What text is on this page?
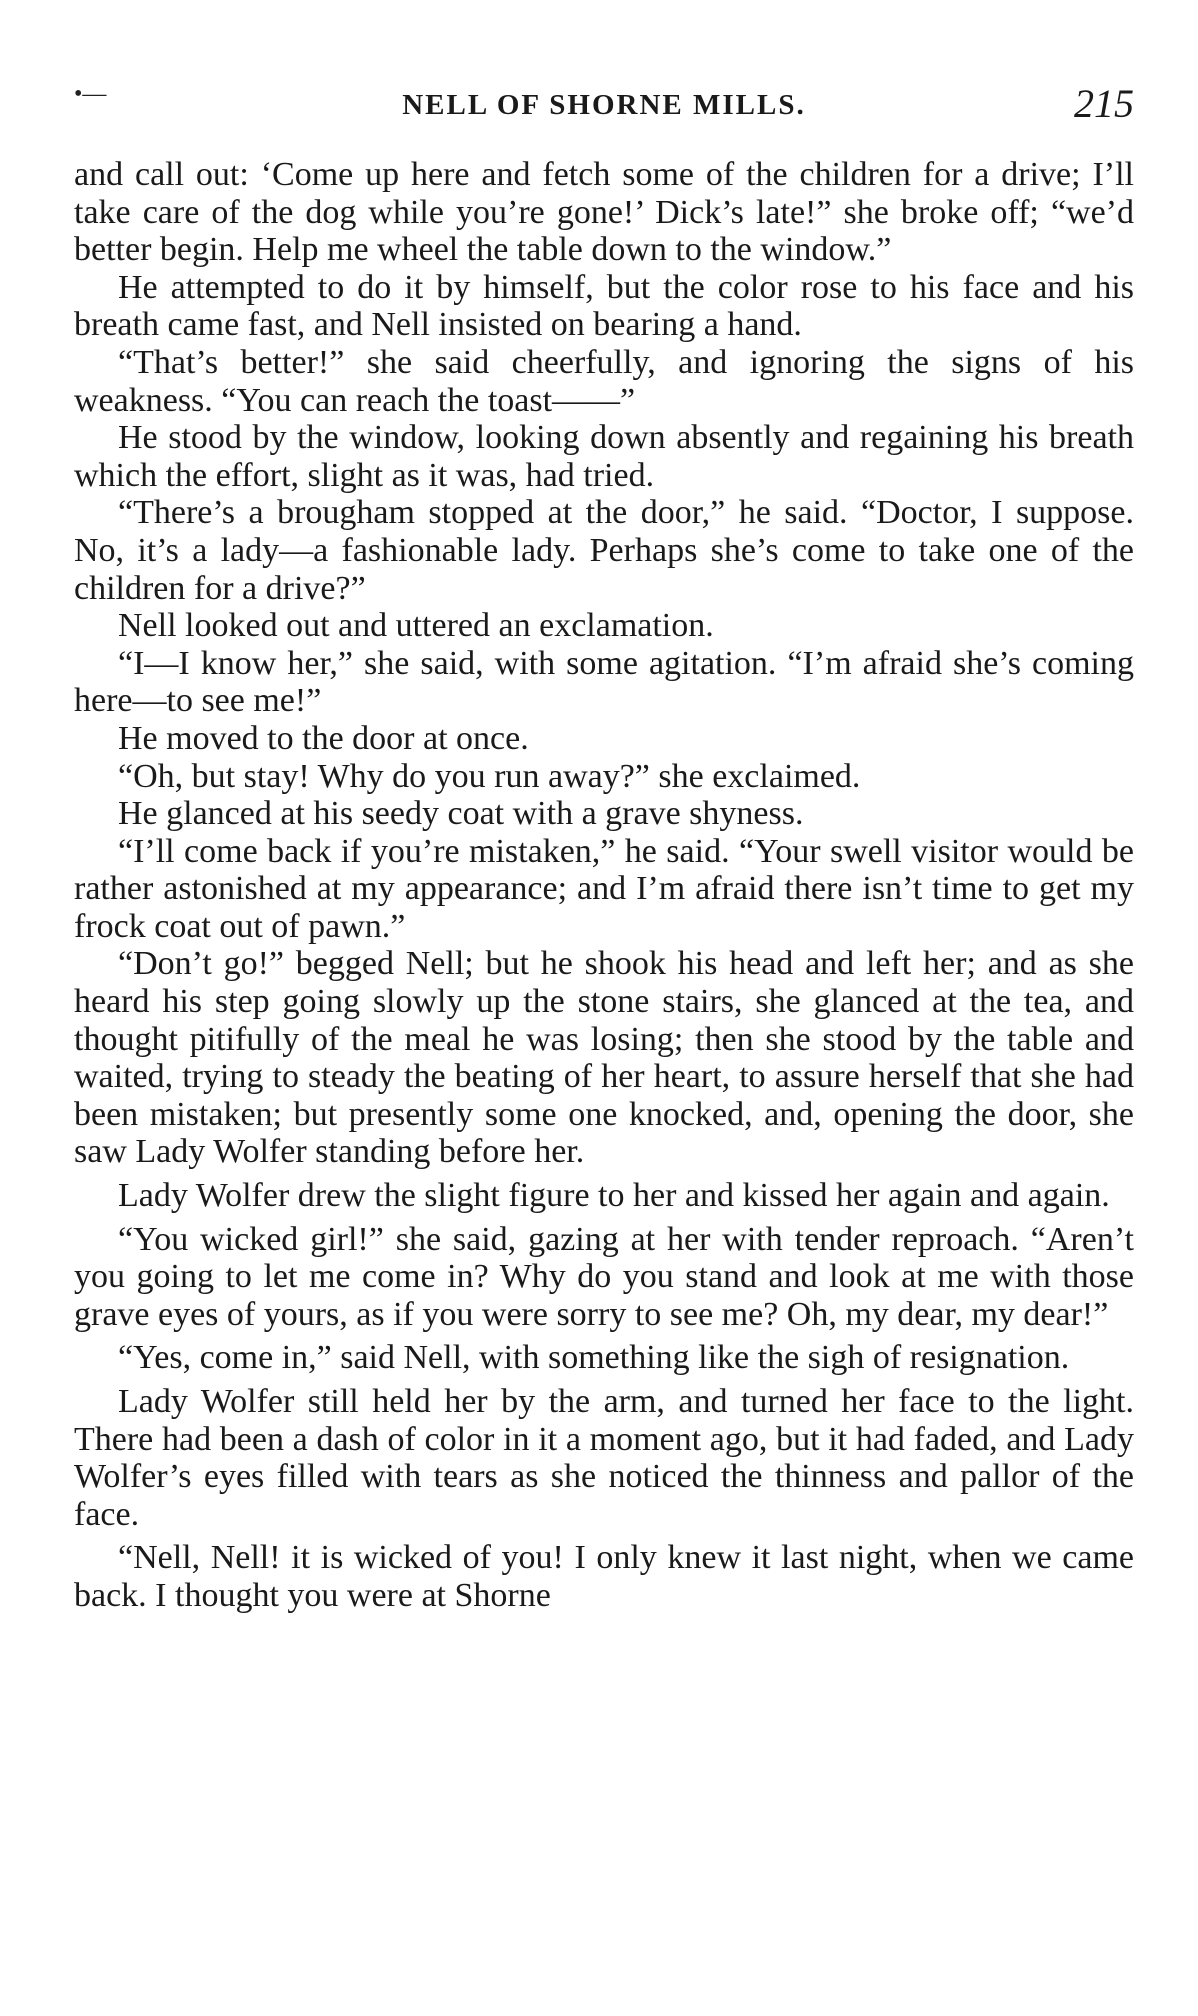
•—	NELL OF SHORNE MILLS.	215

and call out: ‘Come up here and fetch some of the children for a drive; I’ll take care of the dog while you’re gone!’ Dick’s late!” she broke off; “we’d better begin. Help me wheel the table down to the window.”

He attempted to do it by himself, but the color rose to his face and his breath came fast, and Nell insisted on bearing a hand.

“That’s better!” she said cheerfully, and ignoring the signs of his weakness. “You can reach the toast——”

He stood by the window, looking down absently and regaining his breath which the effort, slight as it was, had tried.

“There’s a brougham stopped at the door,” he said. “Doctor, I suppose. No, it’s a lady—a fashionable lady. Perhaps she’s come to take one of the children for a drive?”

Nell looked out and uttered an exclamation.

“I—I know her,” she said, with some agitation. “I’m afraid she’s coming here—to see me!”

He moved to the door at once.

“Oh, but stay! Why do you run away?” she exclaimed.

He glanced at his seedy coat with a grave shyness.

“I’ll come back if you’re mistaken,” he said. “Your swell visitor would be rather astonished at my appearance; and I’m afraid there isn’t time to get my frock coat out of pawn.”

“Don’t go!” begged Nell; but he shook his head and left her; and as she heard his step going slowly up the stone stairs, she glanced at the tea, and thought pitifully of the meal he was losing; then she stood by the table and waited, trying to steady the beating of her heart, to assure herself that she had been mistaken; but presently some one knocked, and, opening the door, she saw Lady Wolfer standing before her.

Lady Wolfer drew the slight figure to her and kissed her again and again.

“You wicked girl!” she said, gazing at her with tender reproach. “Aren’t you going to let me come in? Why do you stand and look at me with those grave eyes of yours, as if you were sorry to see me? Oh, my dear, my dear!”

“Yes, come in,” said Nell, with something like the sigh of resignation.

Lady Wolfer still held her by the arm, and turned her face to the light. There had been a dash of color in it a moment ago, but it had faded, and Lady Wolfer’s eyes filled with tears as she noticed the thinness and pallor of the face.

“Nell, Nell! it is wicked of you! I only knew it last night, when we came back. I thought you were at Shorne
